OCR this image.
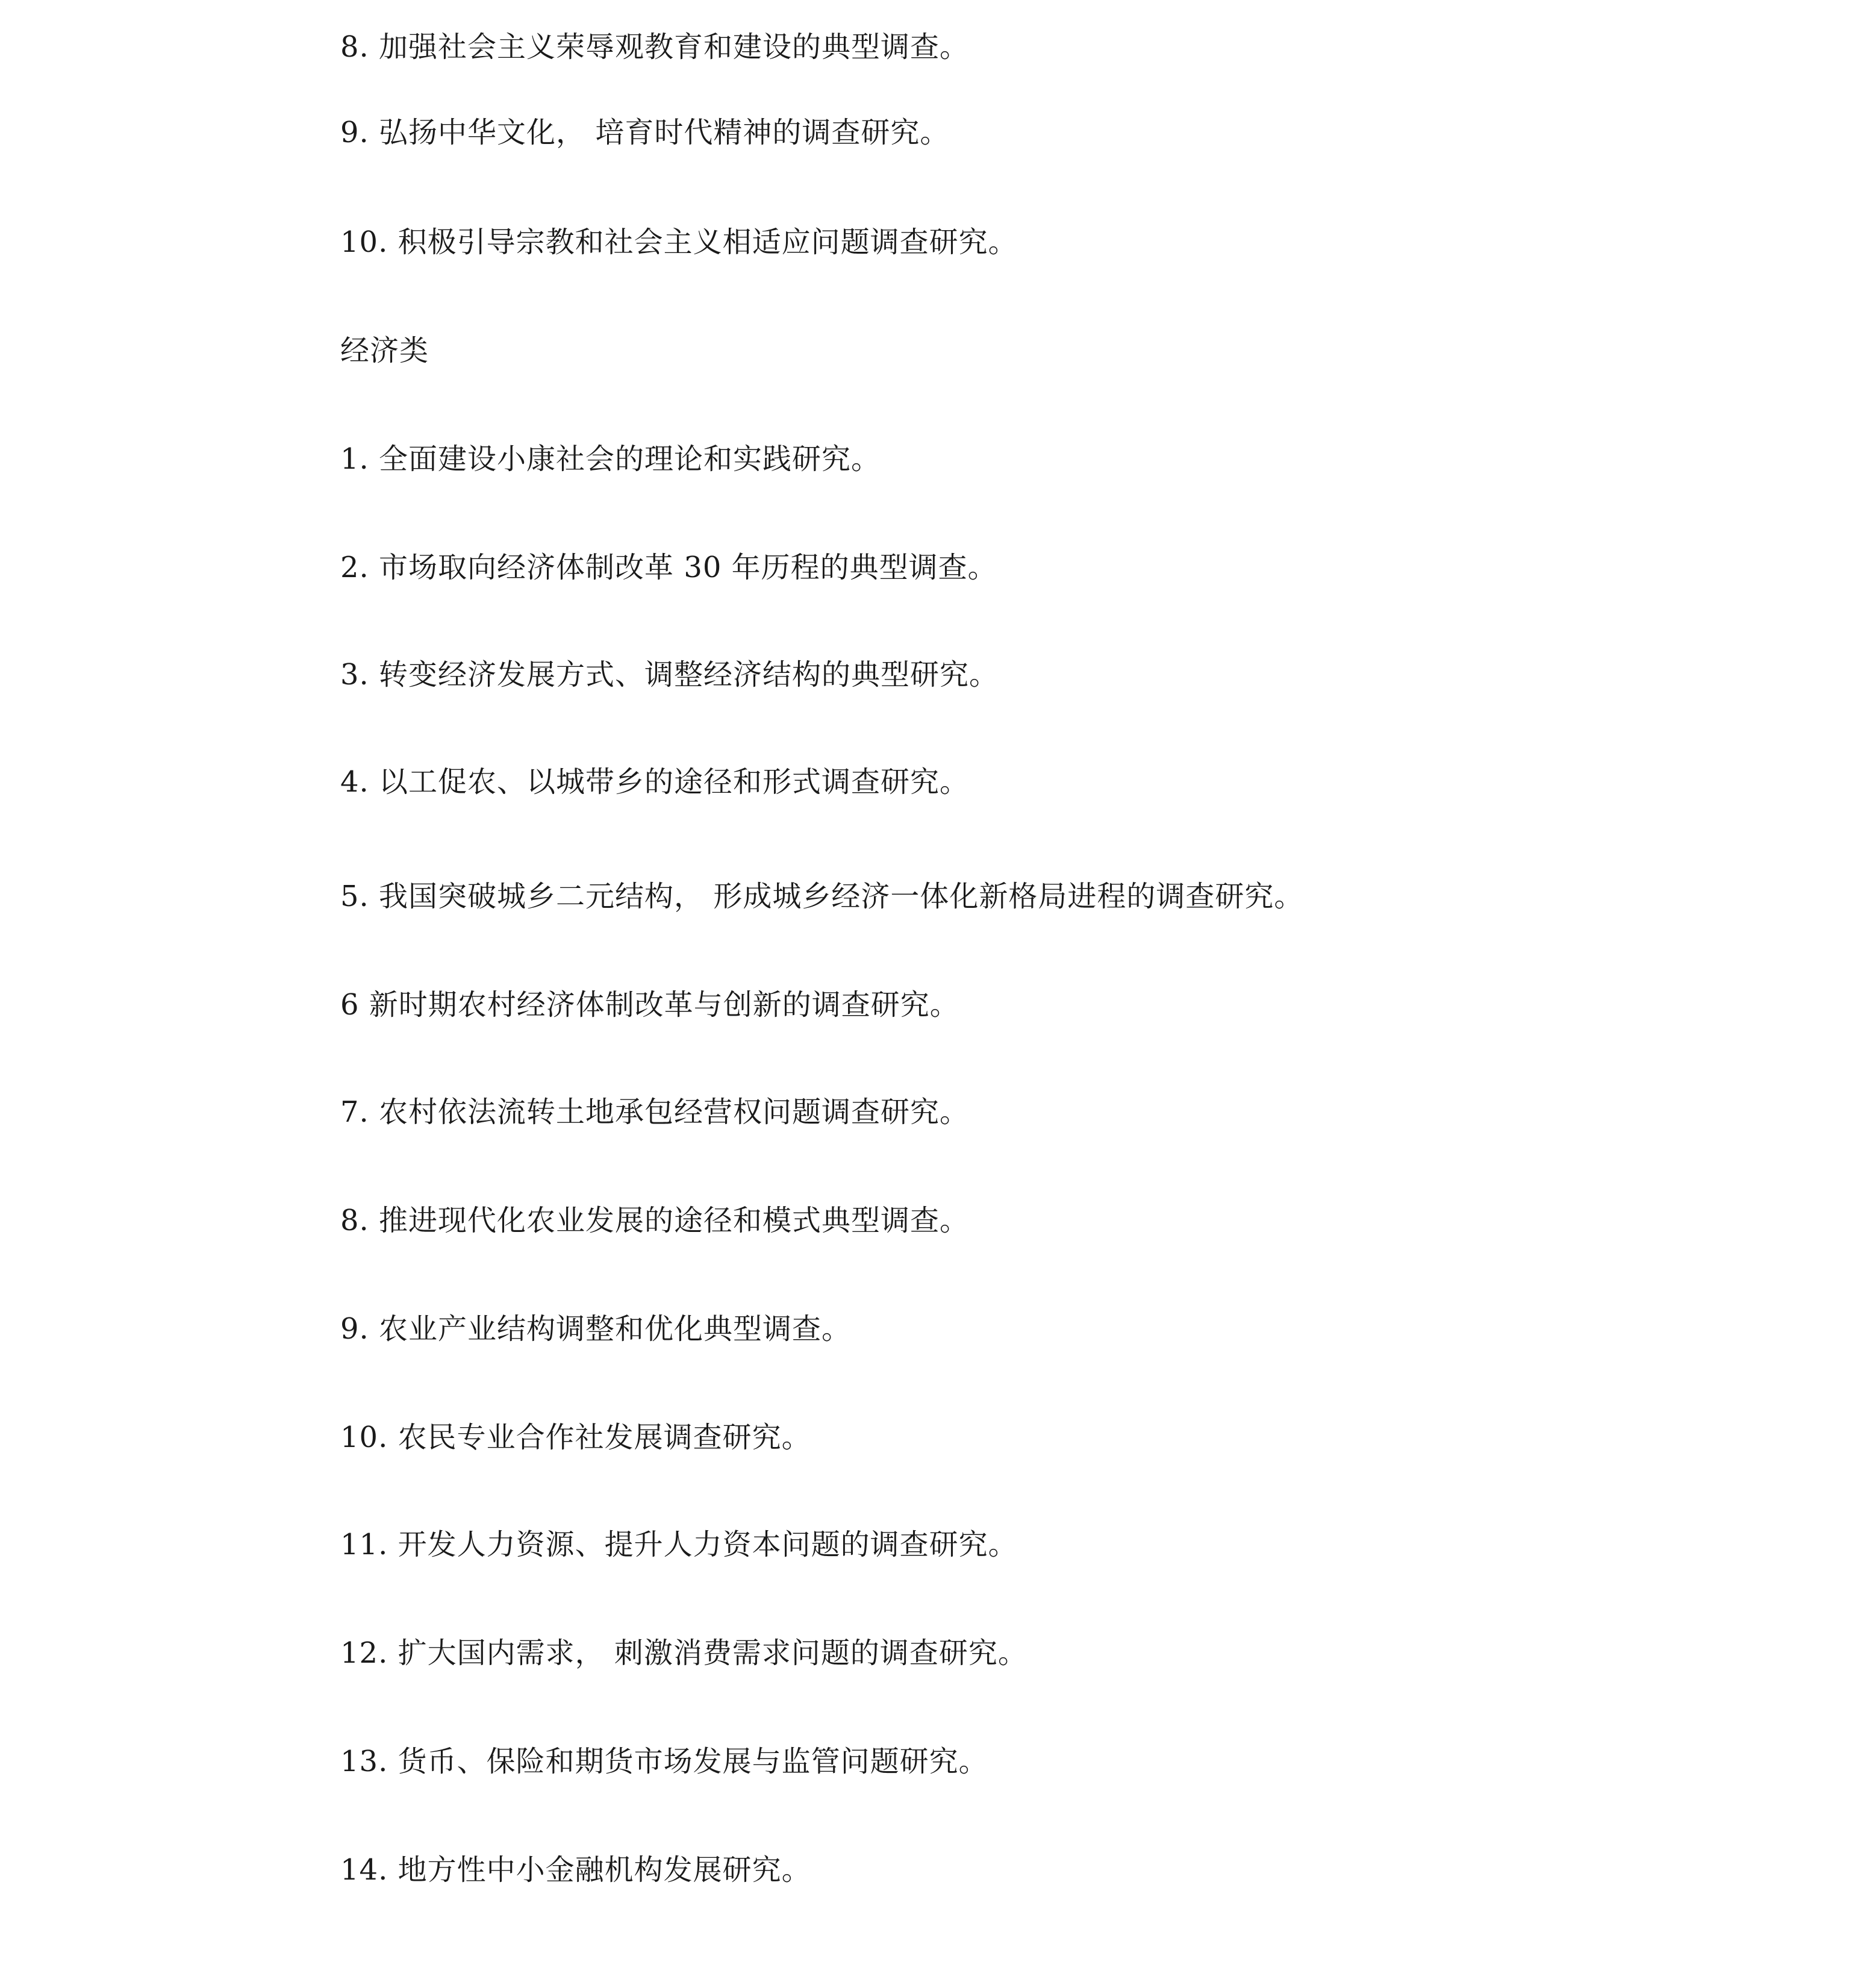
8. 加强社会主义荣辱观教育和建设的典型调查。
9. 弘扬中华文化， 培育时代精神的调查研究。
10. 积极引导宗教和社会主义相适应问题调查研究。
经济类
1. 全面建设小康社会的理论和实践研究。
2. 市场取向经济体制改革 30 年历程的典型调查。
3. 转变经济发展方式、调整经济结构的典型研究。
4. 以工促农、以城带乡的途径和形式调查研究。
5. 我国突破城乡二元结构， 形成城乡经济一体化新格局进程的调查研究。
6 新时期农村经济体制改革与创新的调查研究。
7. 农村依法流转土地承包经营权问题调查研究。
8. 推进现代化农业发展的途径和模式典型调查。
9. 农业产业结构调整和优化典型调查。
10. 农民专业合作社发展调查研究。
11. 开发人力资源、提升人力资本问题的调查研究。
12. 扩大国内需求， 刺激消费需求问题的调查研究。
13. 货币、保险和期货市场发展与监管问题研究。
14. 地方性中小金融机构发展研究。
